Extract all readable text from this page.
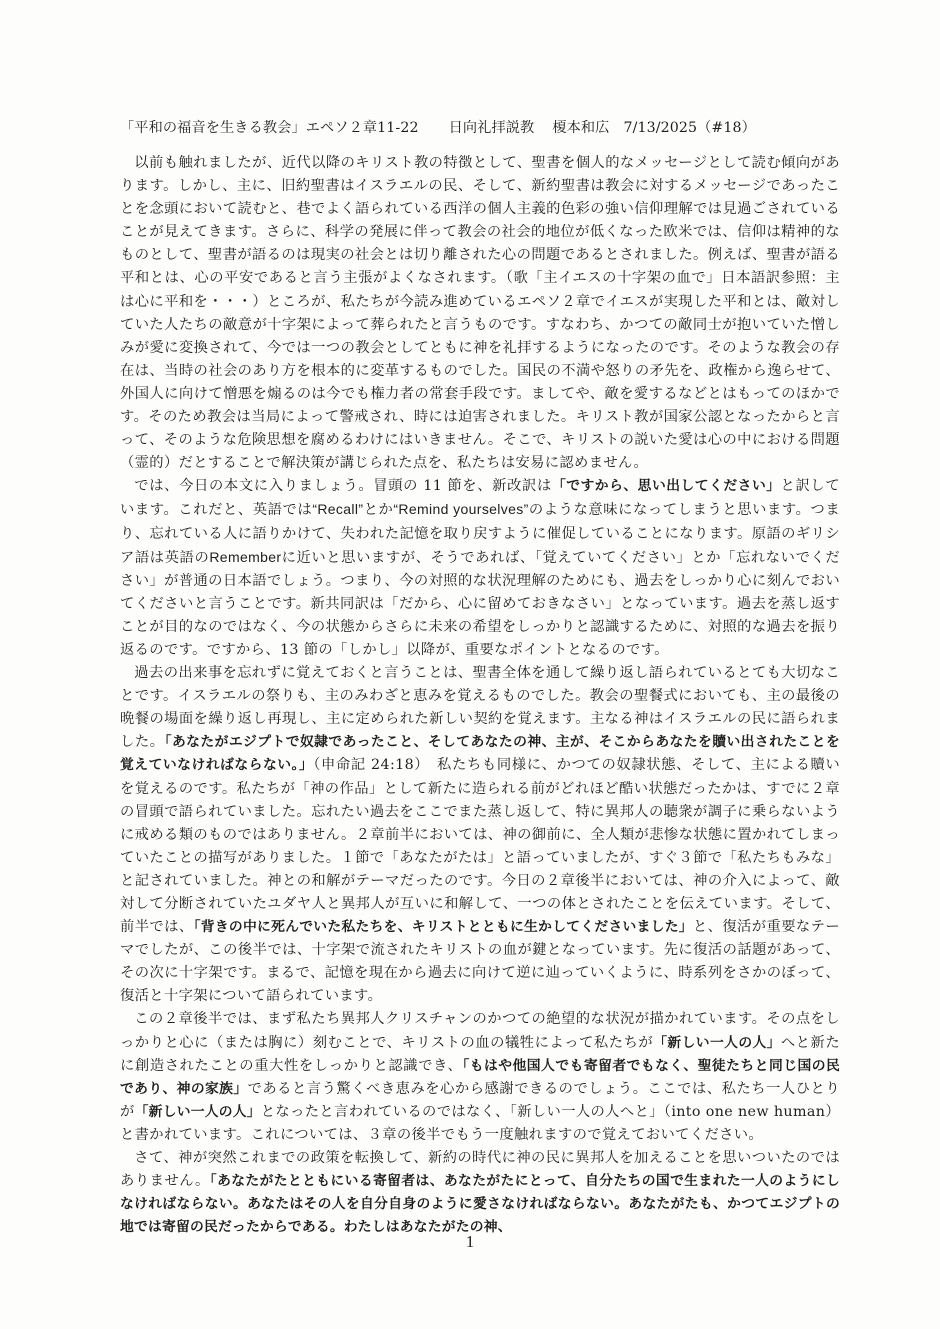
「平和の福音を生きる教会」エペソ２章11-22 日向礼拝説教 榎本和広 7/13/2025（#18）

以前も触れましたが、近代以降のキリスト教の特徴として、聖書を個人的なメッセージとして読む傾向があります。しかし、主に、旧約聖書はイスラエルの民、そして、新約聖書は教会に対するメッセージであったことを念頭において読むと、巷でよく語られている西洋の個人主義的色彩の強い信仰理解では見過ごされていることが見えてきます。さらに、科学の発展に伴って教会の社会的地位が低くなった欧米では、信仰は精神的なものとして、聖書が語るのは現実の社会とは切り離された心の問題であるとされました。例えば、聖書が語る平和とは、心の平安であると言う主張がよくなされます。（歌「主イエスの十字架の血で」日本語訳参照：主は心に平和を・・・）ところが、私たちが今読み進めているエペソ２章でイエスが実現した平和とは、敵対していた人たちの敵意が十字架によって葬られたと言うものです。すなわち、かつての敵同士が抱いていた憎しみが愛に変換されて、今では一つの教会としてともに神を礼拝するようになったのです。そのような教会の存在は、当時の社会のあり方を根本的に変革するものでした。国民の不満や怒りの矛先を、政権から逸らせて、外国人に向けて憎悪を煽るのは今でも権力者の常套手段です。ましてや、敵を愛するなどとはもってのほかです。そのため教会は当局によって警戒され、時には迫害されました。キリスト教が国家公認となったからと言って、そのような危険思想を腐めるわけにはいきません。そこで、キリストの説いた愛は心の中における問題（霊的）だとすることで解決策が講じられた点を、私たちは安易に認めません。

では、今日の本文に入りましょう。冒頭の 11 節を、新改訳は「ですから、思い出してください」と訳しています。これだと、英語では“Recall”とか“Remind yourselves”のような意味になってしまうと思います。つまり、忘れている人に語りかけて、失われた記憶を取り戻すように催促していることになります。原語のギリシア語は英語のRememberに近いと思いますが、そうであれば、「覚えていてください」とか「忘れないでください」が普通の日本語でしょう。つまり、今の対照的な状況理解のためにも、過去をしっかり心に刻んでおいてくださいと言うことです。新共同訳は「だから、心に留めておきなさい」となっています。過去を蒸し返すことが目的なのではなく、今の状態からさらに未来の希望をしっかりと認識するために、対照的な過去を振り返るのです。ですから、13 節の「しかし」以降が、重要なポイントとなるのです。

過去の出来事を忘れずに覚えておくと言うことは、聖書全体を通して繰り返し語られているとても大切なことです。イスラエルの祭りも、主のみわざと恵みを覚えるものでした。教会の聖餐式においても、主の最後の晩餐の場面を繰り返し再現し、主に定められた新しい契約を覚えます。主なる神はイスラエルの民に語られました。「あなたがエジプトで奴隷であったこと、そしてあなたの神、主が、そこからあなたを贖い出されたことを覚えていなければならない。」（申命記 24:18）　私たちも同様に、かつての奴隷状態、そして、主による贖いを覚えるのです。私たちが「神の作品」として新たに造られる前がどれほど酷い状態だったかは、すでに２章の冒頭で語られていました。忘れたい過去をここでまた蒸し返して、特に異邦人の聴衆が調子に乗らないように戒める類のものではありません。２章前半においては、神の御前に、全人類が悲惨な状態に置かれてしまっていたことの描写がありました。１節で「あなたがたは」と語っていましたが、すぐ３節で「私たちもみな」と記されていました。神との和解がテーマだったのです。今日の２章後半においては、神の介入によって、敵対して分断されていたユダヤ人と異邦人が互いに和解して、一つの体とされたことを伝えています。そして、前半では、「背きの中に死んでいた私たちを、キリストとともに生かしてくださいました」と、復活が重要なテーマでしたが、この後半では、十字架で流されたキリストの血が鍵となっています。先に復活の話題があって、その次に十字架です。まるで、記憶を現在から過去に向けて逆に辿っていくように、時系列をさかのぼって、復活と十字架について語られています。

この２章後半では、まず私たち異邦人クリスチャンのかつての絶望的な状況が描かれています。その点をしっかりと心に（または胸に）刻むことで、キリストの血の犠牲によって私たちが「新しい一人の人」へと新たに創造されたことの重大性をしっかりと認識でき、「もはや他国人でも寄留者でもなく、聖徒たちと同じ国の民であり、神の家族」であると言う驚くべき恵みを心から感謝できるのでしょう。ここでは、私たち一人ひとりが「新しい一人の人」となったと言われているのではなく、「新しい一人の人へと」（into one new human）と書かれています。これについては、３章の後半でもう一度触れますので覚えておいてください。

さて、神が突然これまでの政策を転換して、新約の時代に神の民に異邦人を加えることを思いついたのではありません。「あなたがたとともにいる寄留者は、あなたがたにとって、自分たちの国で生まれた一人のようにしなければならない。あなたはその人を自分自身のように愛さなければならない。あなたがたも、かつてエジプトの地では寄留の民だったからである。わたしはあなたがたの神、

1
